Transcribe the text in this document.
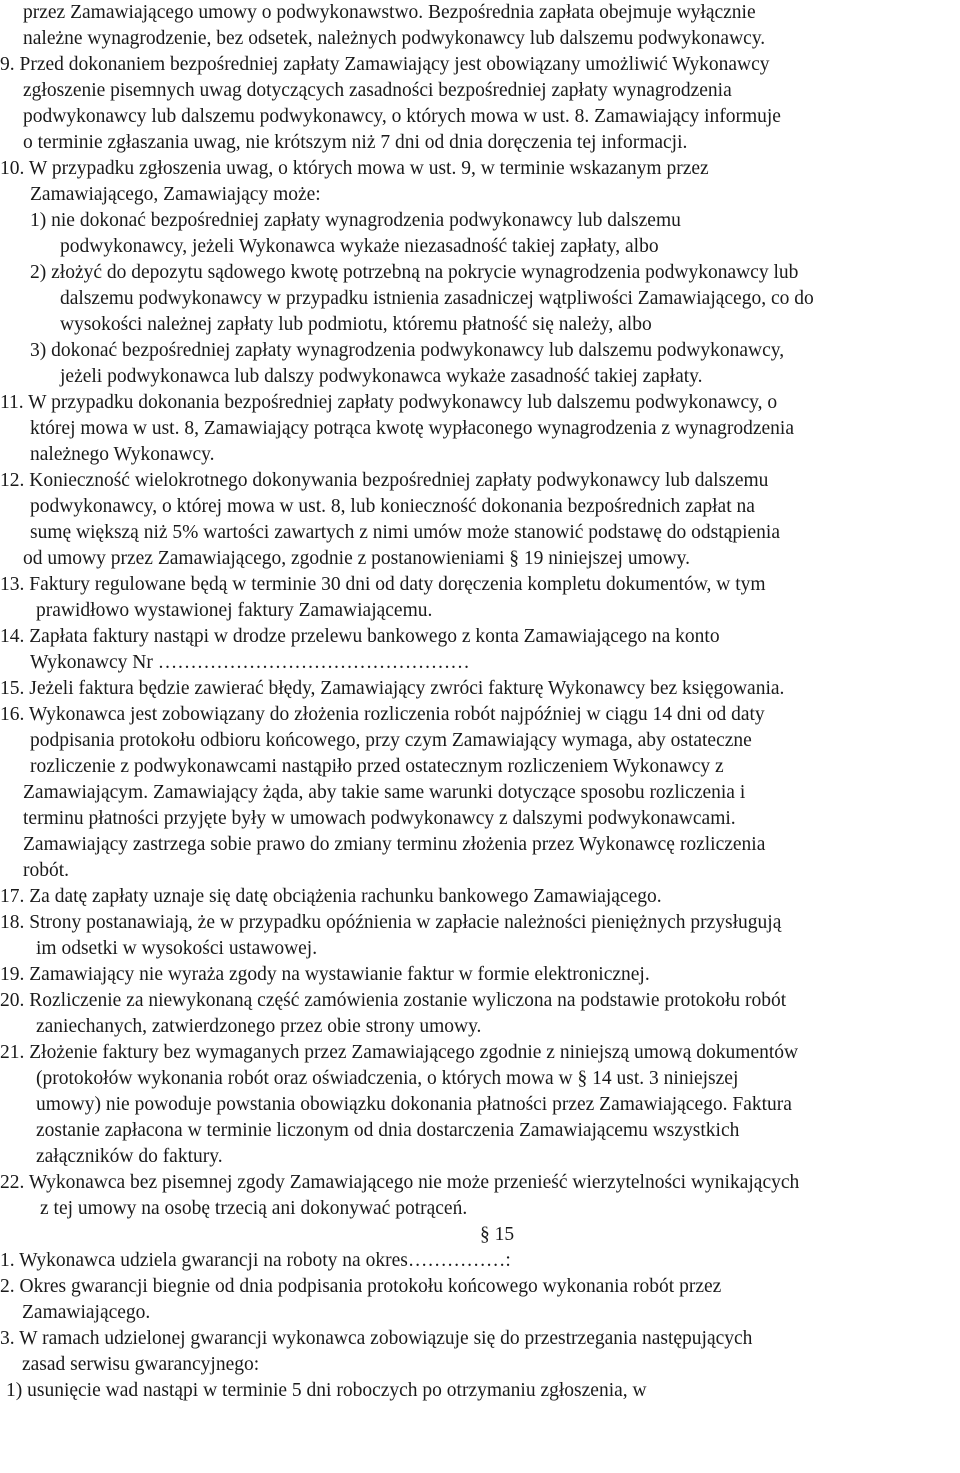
przez Zamawiającego umowy o podwykonawstwo. Bezpośrednia zapłata obejmuje wyłącznie
należne wynagrodzenie, bez odsetek, należnych podwykonawcy lub dalszemu podwykonawcy.
9. Przed dokonaniem bezpośredniej zapłaty Zamawiający jest obowiązany umożliwić Wykonawcy
zgłoszenie pisemnych uwag dotyczących zasadności bezpośredniej zapłaty wynagrodzenia
podwykonawcy lub dalszemu podwykonawcy, o których mowa w ust. 8. Zamawiający informuje
o terminie zgłaszania uwag, nie krótszym niż 7 dni od dnia doręczenia tej informacji.
10. W przypadku zgłoszenia uwag, o których mowa w ust. 9, w terminie wskazanym przez
Zamawiającego, Zamawiający może:
1) nie dokonać bezpośredniej zapłaty wynagrodzenia podwykonawcy lub dalszemu
podwykonawcy, jeżeli Wykonawca wykaże niezasadność takiej zapłaty, albo
2) złożyć do depozytu sądowego kwotę potrzebną na pokrycie wynagrodzenia podwykonawcy lub
dalszemu podwykonawcy w przypadku istnienia zasadniczej wątpliwości Zamawiającego, co do
wysokości należnej zapłaty lub podmiotu, któremu płatność się należy, albo
3) dokonać bezpośredniej zapłaty wynagrodzenia podwykonawcy lub dalszemu podwykonawcy,
jeżeli podwykonawca lub dalszy podwykonawca wykaże zasadność takiej zapłaty.
11. W przypadku dokonania bezpośredniej zapłaty podwykonawcy lub dalszemu podwykonawcy, o
której mowa w ust. 8, Zamawiający potrąca kwotę wypłaconego wynagrodzenia z wynagrodzenia
należnego Wykonawcy.
12. Konieczność wielokrotnego dokonywania bezpośredniej zapłaty podwykonawcy lub dalszemu
podwykonawcy, o której mowa w ust. 8, lub konieczność dokonania bezpośrednich zapłat na
sumę większą niż 5% wartości zawartych z nimi umów może stanowić podstawę do odstąpienia
od umowy przez Zamawiającego, zgodnie z postanowieniami § 19 niniejszej umowy.
13. Faktury regulowane będą w terminie 30 dni od daty doręczenia kompletu dokumentów, w tym
prawidłowo wystawionej faktury Zamawiającemu.
14. Zapłata faktury nastąpi w drodze przelewu bankowego z konta Zamawiającego na konto
Wykonawcy Nr …………………………………………
15. Jeżeli faktura będzie zawierać błędy, Zamawiający zwróci fakturę Wykonawcy bez księgowania.
16. Wykonawca jest zobowiązany do złożenia rozliczenia robót najpóźniej w ciągu 14 dni od daty
podpisania protokołu odbioru końcowego, przy czym Zamawiający wymaga, aby ostateczne
rozliczenie z podwykonawcami nastąpiło przed ostatecznym rozliczeniem Wykonawcy z
Zamawiającym. Zamawiający żąda, aby takie same warunki dotyczące sposobu rozliczenia i
terminu płatności przyjęte były w umowach podwykonawcy z dalszymi podwykonawcami.
Zamawiający zastrzega sobie prawo do zmiany terminu złożenia przez Wykonawcę rozliczenia
robót.
17. Za datę zapłaty uznaje się datę obciążenia rachunku bankowego Zamawiającego.
18. Strony postanawiają, że w przypadku opóźnienia w zapłacie należności pieniężnych przysługują
im odsetki w wysokości ustawowej.
19. Zamawiający nie wyraża zgody na wystawianie faktur w formie elektronicznej.
20. Rozliczenie za niewykonaną część zamówienia zostanie wyliczona na podstawie protokołu robót
zaniechanych, zatwierdzonego przez obie strony umowy.
21. Złożenie faktury bez wymaganych przez Zamawiającego zgodnie z niniejszą umową dokumentów
(protokołów wykonania robót oraz oświadczenia, o których mowa w § 14 ust. 3 niniejszej
umowy) nie powoduje powstania obowiązku dokonania płatności przez Zamawiającego. Faktura
zostanie zapłacona w terminie liczonym od dnia dostarczenia Zamawiającemu wszystkich
załączników do faktury.
22. Wykonawca bez pisemnej zgody Zamawiającego nie może przenieść wierzytelności wynikających
z tej umowy na osobę trzecią ani dokonywać potrąceń.
§ 15
1. Wykonawca udziela gwarancji na roboty na okres……………:
2. Okres gwarancji biegnie od dnia podpisania protokołu końcowego wykonania robót przez
Zamawiającego.
3. W ramach udzielonej gwarancji wykonawca zobowiązuje się do przestrzegania następujących
zasad serwisu gwarancyjnego:
1) usunięcie wad nastąpi w terminie 5 dni roboczych po otrzymaniu zgłoszenia, w
